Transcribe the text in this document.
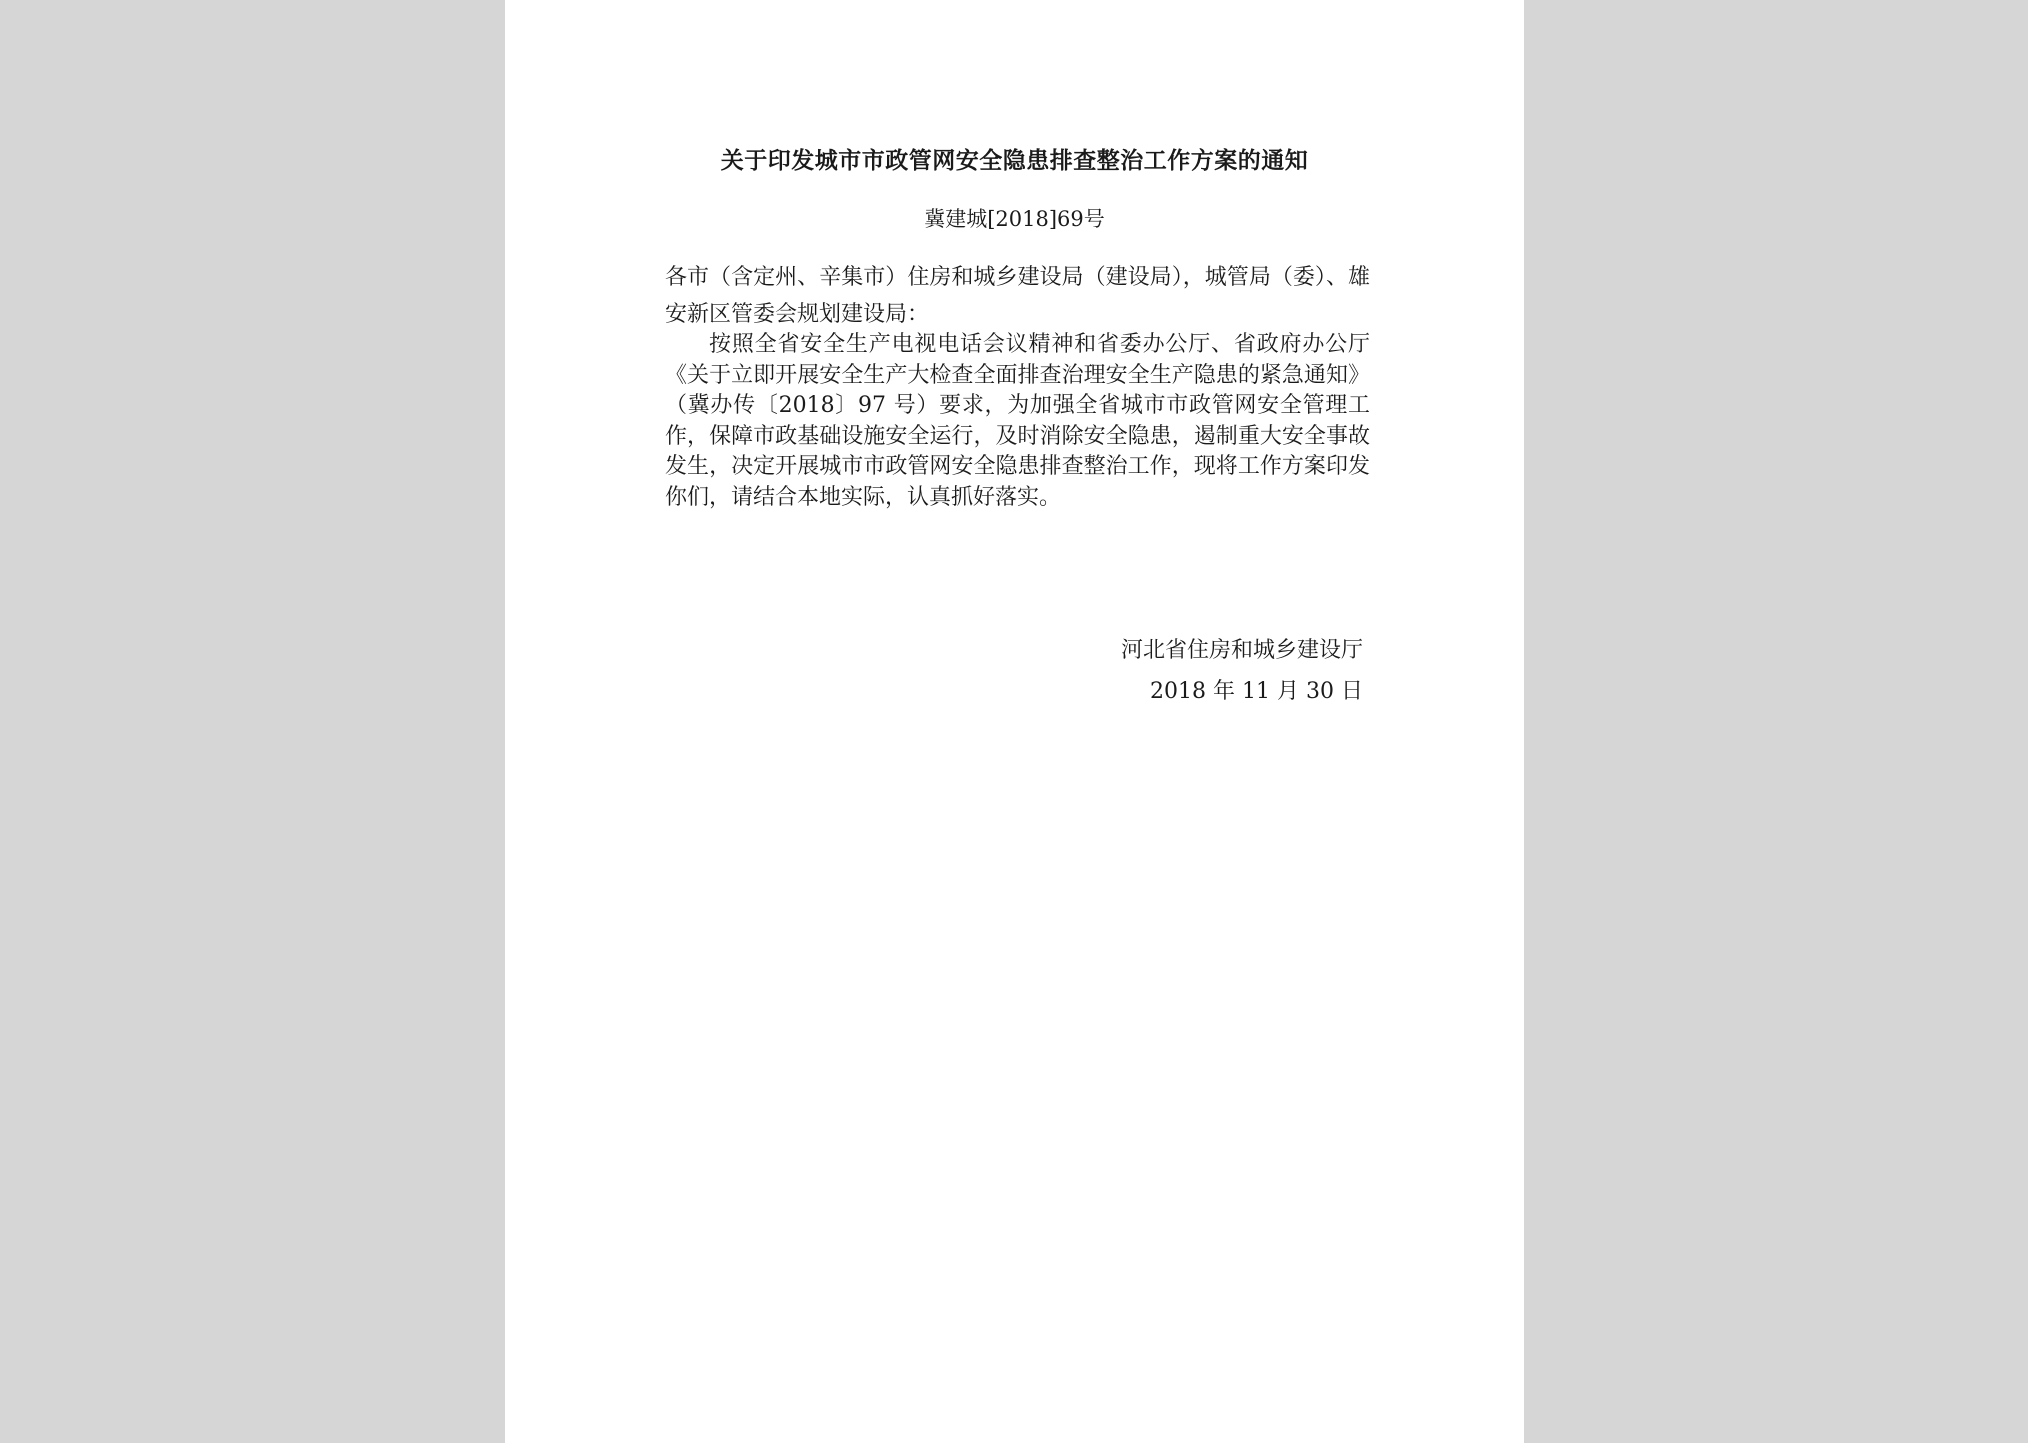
关于印发城市市政管网安全隐患排查整治工作方案的通知
冀建城[2018]69号
各市（含定州、辛集市）住房和城乡建设局（建设局），城管局（委）、雄安新区管委会规划建设局：
按照全省安全生产电视电话会议精神和省委办公厅、省政府办公厅《关于立即开展安全生产大检查全面排查治理安全生产隐患的紧急通知》（冀办传〔2018〕97 号）要求，为加强全省城市市政管网安全管理工作，保障市政基础设施安全运行，及时消除安全隐患，遏制重大安全事故发生，决定开展城市市政管网安全隐患排查整治工作，现将工作方案印发你们，请结合本地实际，认真抓好落实。
河北省住房和城乡建设厅
2018 年 11 月 30 日
